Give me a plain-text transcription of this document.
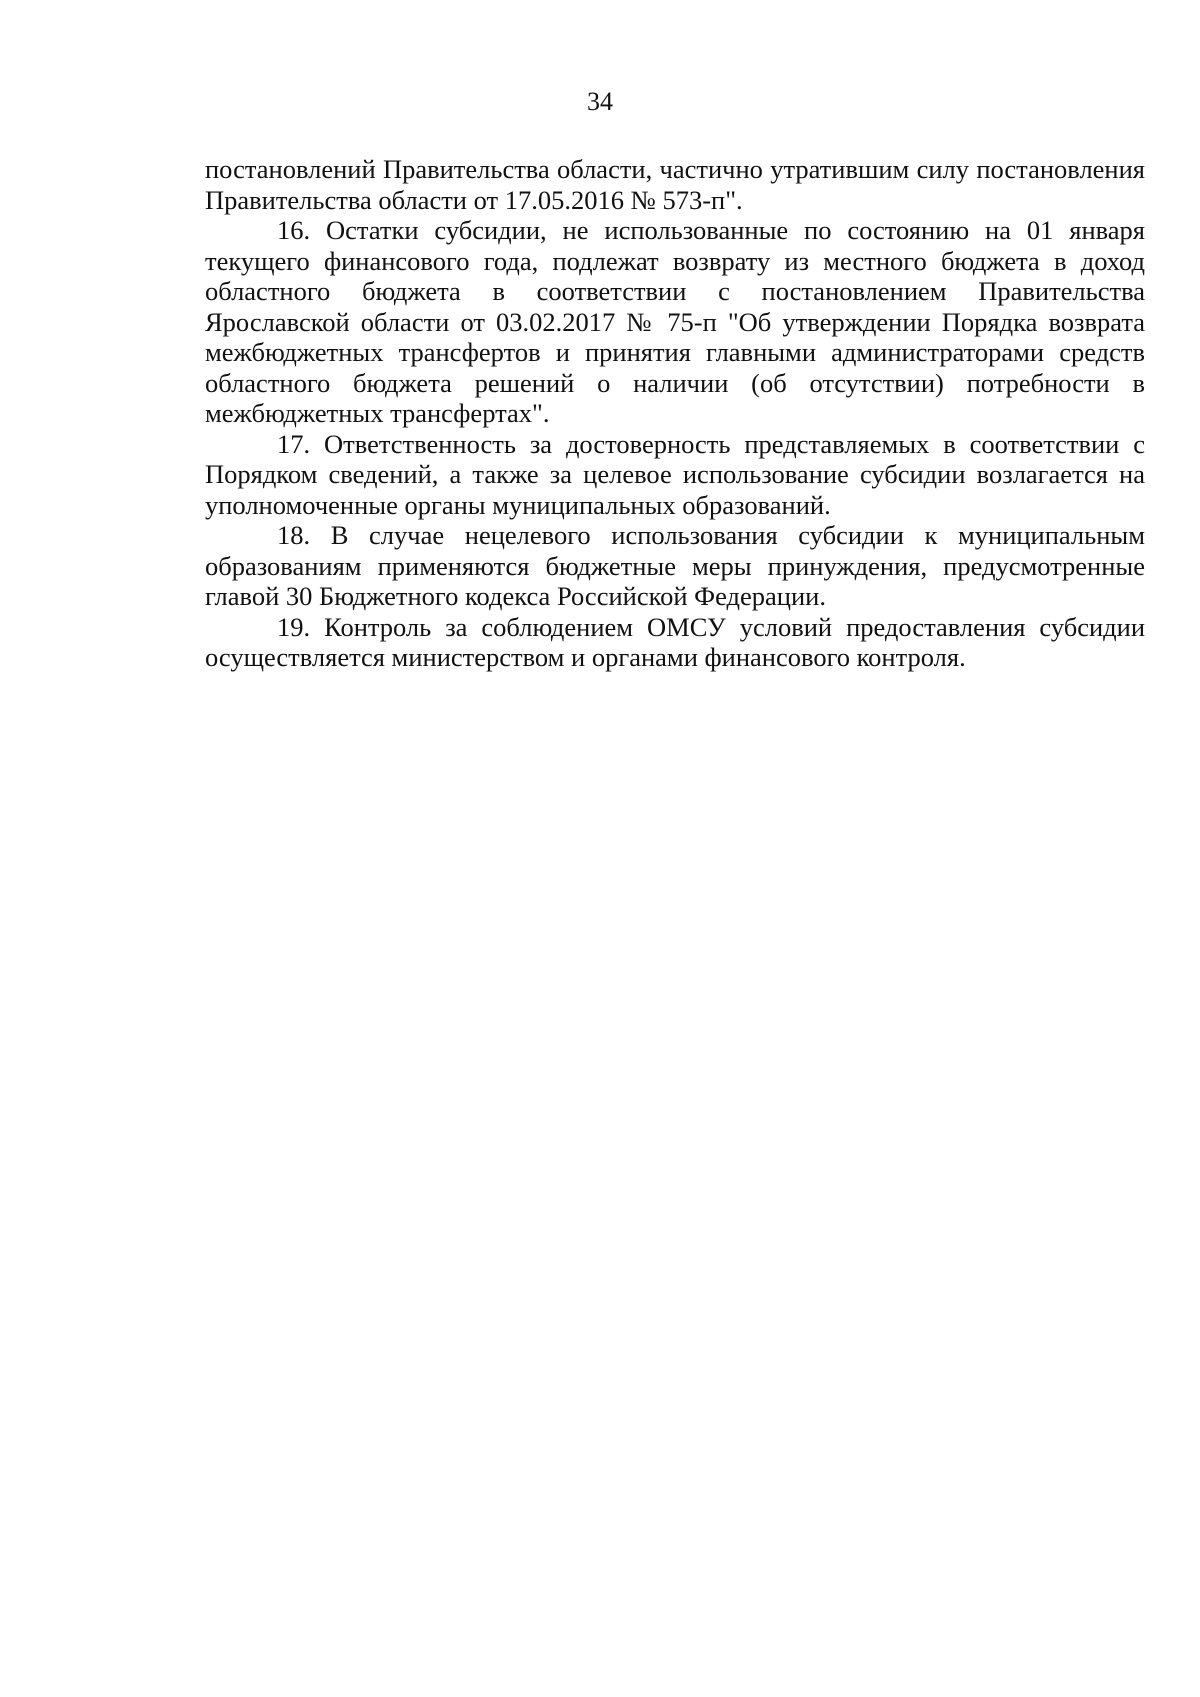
34

постановлений Правительства области, частично утратившим силу постановления Правительства области от 17.05.2016 № 573-п".

16. Остатки субсидии, не использованные по состоянию на 01 января текущего финансового года, подлежат возврату из местного бюджета в доход областного бюджета в соответствии с постановлением Правительства Ярославской области от 03.02.2017 № 75-п "Об утверждении Порядка возврата межбюджетных трансфертов и принятия главными администраторами средств областного бюджета решений о наличии (об отсутствии) потребности в межбюджетных трансфертах".

17. Ответственность за достоверность представляемых в соответствии с Порядком сведений, а также за целевое использование субсидии возлагается на уполномоченные органы муниципальных образований.

18. В случае нецелевого использования субсидии к муниципальным образованиям применяются бюджетные меры принуждения, предусмотренные главой 30 Бюджетного кодекса Российской Федерации.

19. Контроль за соблюдением ОМСУ условий предоставления субсидии осуществляется министерством и органами финансового контроля.
